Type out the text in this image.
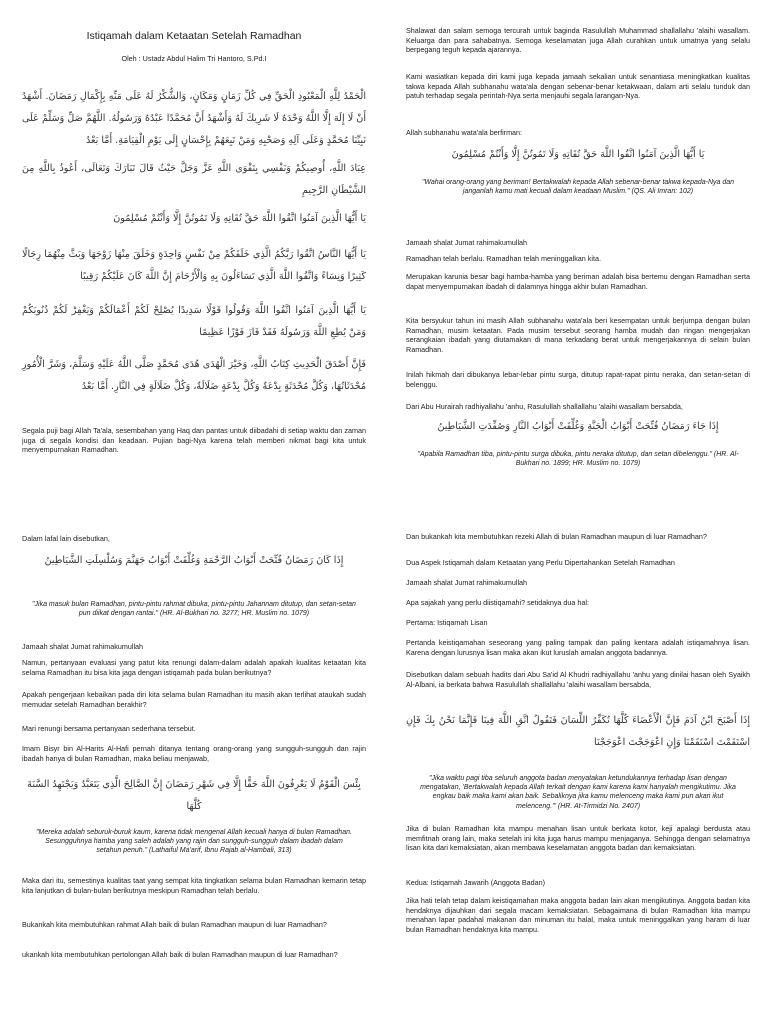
Istiqamah dalam Ketaatan Setelah Ramadhan
Oleh : Ustadz Abdul Halim Tri Hantoro, S.Pd.I
الْحَمْدُ لِلَّهِ الْمَعْبُودِ الْحَقِّ فِي كُلِّ زَمَانٍ وَمَكَانٍ، وَالشُّكْرُ لَهُ عَلَى مَنِّهِ بِإِكْمَالِ رَمَضَانَ. أَشْهَدُ أَنْ لَا إِلَهَ إِلَّا اللَّهُ وَحْدَهُ لَا شَرِيكَ لَهُ وَأَشْهَدُ أَنَّ مُحَمَّدًا عَبْدُهُ وَرَسُولُهُ. اللَّهُمَّ صَلِّ وَسَلِّمْ عَلَى نَبِيِّنَا مُحَمَّدٍ وَعَلَى آلِهِ وَصَحْبِهِ وَمَنْ تَبِعَهُمْ بِإِحْسَانٍ إِلَى يَوْمِ الْقِيَامَةِ. أَمَّا بَعْدُ
عِبَادَ اللَّهِ، أُوصِيكُمْ وَنَفْسِي بِتَقْوَى اللَّهِ عَزَّ وَجَلَّ حَيْثُ قَالَ تَبَارَكَ وَتَعَالَى، أَعُوذُ بِاللَّهِ مِنَ الشَّيْطَانِ الرَّجِيمِ
يَا أَيُّهَا الَّذِينَ آمَنُوا اتَّقُوا اللَّهَ حَقَّ تُقَاتِهِ وَلَا تَمُوتُنَّ إِلَّا وَأَنْتُمْ مُسْلِمُونَ
يَا أَيُّهَا النَّاسُ اتَّقُوا رَبَّكُمُ الَّذِي خَلَقَكُمْ مِنْ نَفْسٍ وَاحِدَةٍ وَخَلَقَ مِنْهَا زَوْجَهَا وَبَثَّ مِنْهُمَا رِجَالًا كَثِيرًا وَنِسَاءً وَاتَّقُوا اللَّهَ الَّذِي تَسَاءَلُونَ بِهِ وَالْأَرْحَامَ إِنَّ اللَّهَ كَانَ عَلَيْكُمْ رَقِيبًا
يَا أَيُّهَا الَّذِينَ آمَنُوا اتَّقُوا اللَّهَ وَقُولُوا قَوْلًا سَدِيدًا يُصْلِحْ لَكُمْ أَعْمَالَكُمْ وَيَغْفِرْ لَكُمْ ذُنُوبَكُمْ وَمَنْ يُطِعِ اللَّهَ وَرَسُولَهُ فَقَدْ فَازَ فَوْزًا عَظِيمًا
فَإِنَّ أَصْدَقَ الْحَدِيثِ كِتَابُ اللَّهِ، وَخَيْرَ الْهُدَى هُدَى مُحَمَّدٍ صَلَّى اللَّهُ عَلَيْهِ وَسَلَّمَ، وَشَرَّ الْأُمُورِ مُحْدَثَاتُهَا، وَكُلَّ مُحْدَثَةٍ بِدْعَةٌ وَكُلَّ بِدْعَةٍ ضَلَالَةٌ، وَكُلَّ ضَلَالَةٍ فِي النَّارِ. أَمَّا بَعْدُ
Segala puji bagi Allah Ta'ala, sesembahan yang Haq dan pantas untuk diibadahi di setiap waktu dan zaman juga di segala kondisi dan keadaan. Pujian bagi-Nya karena telah memberi nikmat bagi kita untuk menyempurnakan Ramadhan.
Shalawat dan salam semoga tercurah untuk baginda Rasulullah Muhammad shallallahu 'alaihi wasallam. Keluarga dan para sahabatnya. Semoga keselamatan juga Allah curahkan untuk umatnya yang selalu berpegang teguh kepada ajarannya.
Kami wasiatkan kepada diri kami juga kepada jamaah sekalian untuk senantiasa meningkatkan kualitas takwa kepada Allah subhanahu wata'ala dengan sebenar-benar ketakwaan, dalam arti selalu tunduk dan patuh terhadap segala perintah-Nya serta menjauhi segala larangan-Nya.
Allah subhanahu wata'ala berfirman:
يَا أَيُّهَا الَّذِينَ آمَنُوا اتَّقُوا اللَّهَ حَقَّ تُقَاتِهِ وَلَا تَمُوتُنَّ إِلَّا وَأَنْتُمْ مُسْلِمُونَ
"Wahai orang-orang yang beriman! Bertakwalah kepada Allah sebenar-benar takwa kepada-Nya dan janganlah kamu mati kecuali dalam keadaan Muslim." (QS. Ali Imran: 102)
Jamaah shalat Jumat rahimakumullah
Ramadhan telah berlalu. Ramadhan telah meninggalkan kita.
Merupakan karunia besar bagi hamba-hamba yang beriman adalah bisa bertemu dengan Ramadhan serta dapat menyempurnakan ibadah di dalamnya hingga akhir bulan Ramadhan.
Kita bersyukur tahun ini masih Allah subhanahu wata'ala beri kesempatan untuk berjumpa dengan bulan Ramadhan, musim ketaatan. Pada musim tersebut seorang hamba mudah dan ringan mengerjakan serangkaian ibadah yang diutamakan di mana terkadang berat untuk mengerjakannya di selain bulan Ramadhan.
Inilah hikmah dari dibukanya lebar-lebar pintu surga, ditutup rapat-rapat pintu neraka, dan setan-setan di belenggu.
Dari Abu Hurairah radhiyallahu 'anhu, Rasulullah shallallahu 'alaihi wasallam bersabda,
إِذَا جَاءَ رَمَضَانُ فُتِّحَتْ أَبْوَابُ الْجَنَّةِ وَغُلِّقَتْ أَبْوَابُ النَّارِ وَصُفِّدَتِ الشَّيَاطِينُ
"Apabila Ramadhan tiba, pintu-pintu surga dibuka, pintu neraka ditutup, dan setan dibelenggu." (HR. Al-Bukhari no. 1899; HR. Muslim no. 1079)
Dalam lafal lain disebutkan,
إِذَا كَانَ رَمَضَانُ فُتِّحَتْ أَبْوَابُ الرَّحْمَةِ وَغُلِّقَتْ أَبْوَابُ جَهَنَّمَ وَسُلْسِلَتِ الشَّيَاطِينُ
"Jika masuk bulan Ramadhan, pintu-pintu rahmat dibuka, pintu-pintu Jahannam ditutup, dan setan-setan pun diikat dengan rantai." (HR. Al-Bukhari no. 3277; HR. Muslim no. 1079)
Jamaah shalat Jumat rahimakumullah
Namun, pertanyaan evaluasi yang patut kita renungi dalam-dalam adalah apakah kualitas ketaatan kita selama Ramadhan itu bisa kita jaga dengan istiqamah pada bulan berikutnya?
Apakah pengerjaan kebaikan pada diri kita selama bulan Ramadhan itu masih akan terlihat ataukah sudah memudar setelah Ramadhan berakhir?
Mari renungi bersama pertanyaan sederhana tersebut.
Imam Bisyr bin Al-Harits Al-Hafi pernah ditanya tentang orang-orang yang sungguh-sungguh dan rajin ibadah hanya di bulan Ramadhan, maka beliau menjawab,
بِئْسَ الْقَوْمُ لَا يَعْرِفُونَ اللَّهَ حَقًّا إِلَّا فِي شَهْرِ رَمَضَانَ إِنَّ الصَّالِحَ الَّذِي يَتَعَبَّدُ وَيَجْتَهِدُ السَّنَةَ كُلَّهَا
"Mereka adalah seburuk-buruk kaum, karena tidak mengenal Allah kecuali hanya di bulan Ramadhan. Sesungguhnya hamba yang saleh adalah yang rajin dan sungguh-sungguh dalam ibadah dalam setahun penuh." (Lathaiful Ma'arif, Ibnu Rajab al-Hambali, 313)
Maka dari itu, semestinya kualitas taat yang sempat kita tingkatkan selama bulan Ramadhan kemarin tetap kita lanjutkan di bulan-bulan berikutnya meskipun Ramadhan telah berlalu.
Bukankah kita membutuhkan rahmat Allah baik di bulan Ramadhan maupun di luar Ramadhan?
ukankah kita membutuhkan pertolongan Allah baik di bulan Ramadhan maupun di luar Ramadhan?
Dan bukankah kita membutuhkan rezeki Allah di bulan Ramadhan maupun di luar Ramadhan?
Dua Aspek Istiqamah dalam Ketaatan yang Perlu Dipertahankan Setelah Ramadhan
Jamaah shalat Jumat rahimakumullah
Apa sajakah yang perlu diistiqamahi? setidaknya dua hal:
Pertama: Istiqamah Lisan
Pertanda keistiqamahan seseorang yang paling tampak dan paling kentara adalah istiqamahnya lisan. Karena dengan lurusnya lisan maka akan ikut luruslah amalan anggota badannya.
Disebutkan dalam sebuah hadits dari Abu Sa'id Al Khudri radhiyallahu 'anhu yang dinilai hasan oleh Syaikh Al-Albani, ia berkata bahwa Rasulullah shallallahu 'alaihi wasallam bersabda,
إِذَا أَصْبَحَ ابْنُ آدَمَ فَإِنَّ الْأَعْضَاءَ كُلَّهَا تُكَفِّرُ اللِّسَانَ فَتَقُولُ اتَّقِ اللَّهَ فِينَا فَإِنَّمَا نَحْنُ بِكَ فَإِنِ اسْتَقَمْتَ اسْتَقَمْنَا وَإِنِ اعْوَجَجْتَ اعْوَجَجْنَا
"Jika waktu pagi tiba seluruh anggota badan menyatakan ketundukannya terhadap lisan dengan mengatakan, 'Bertakwalah kepada Allah terkait dengan kami karena kami hanyalah mengikutimu. Jika engkau baik maka kami akan baik. Sebaliknya jika kamu melenceng maka kami pun akan ikut melenceng.'" (HR. At-Tirmidzi No. 2407)
Jika di bulan Ramadhan kita mampu menahan lisan untuk berkata kotor, keji apalagi berdusta atau memfitnah orang lain, maka setelah ini kita juga harus mampu menjaganya. Sehingga dengan selamatnya lisan kita dari kemaksiatan, akan membawa keselamatan anggota badan dari kemaksiatan.
Kedua: Istiqamah Jawarih (Anggota Badan)
Jika hati telah tetap dalam keistiqamahan maka anggota badan lain akan mengikutinya. Anggota badan kita hendaknya dijauhkan dari segala macam kemaksiatan. Sebagaimana di bulan Ramadhan kita mampu menahan lapar padahal makanan dan minuman itu halal, maka untuk meninggalkan yang haram di luar bulan Ramadhan hendaknya kita mampu.
